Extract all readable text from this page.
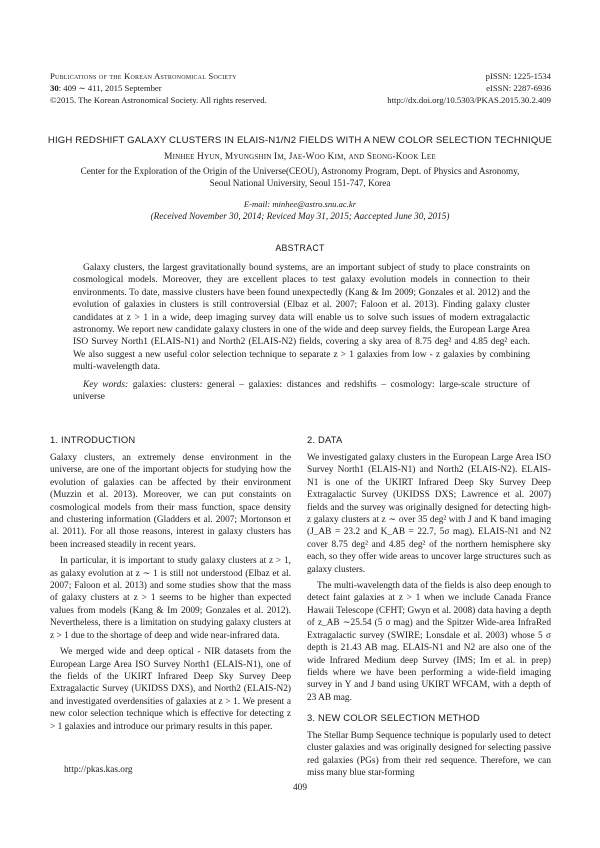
Publications of the Korean Astronomical Society
30: 409 ∼ 411, 2015 September
©2015. The Korean Astronomical Society. All rights reserved.
pISSN: 1225-1534
eISSN: 2287-6936
http://dx.doi.org/10.5303/PKAS.2015.30.2.409
HIGH REDSHIFT GALAXY CLUSTERS IN ELAIS-N1/N2 FIELDS WITH A NEW COLOR SELECTION TECHNIQUE
Minhee Hyun, Myungshin Im, Jae-Woo Kim, and Seong-Kook Lee
Center for the Exploration of the Origin of the Universe(CEOU), Astronomy Program, Dept. of Physics and Asronomy,
Seoul National University, Seoul 151-747, Korea
E-mail: minhee@astro.snu.ac.kr
(Received November 30, 2014; Reviced May 31, 2015; Aaccepted June 30, 2015)
ABSTRACT

Galaxy clusters, the largest gravitationally bound systems, are an important subject of study to place constraints on cosmological models. Moreover, they are excellent places to test galaxy evolution models in connection to their environments. To date, massive clusters have been found unexpectedly (Kang & Im 2009; Gonzales et al. 2012) and the evolution of galaxies in clusters is still controversial (Elbaz et al. 2007; Faloon et al. 2013). Finding galaxy cluster candidates at z > 1 in a wide, deep imaging survey data will enable us to solve such issues of modern extragalactic astronomy. We report new candidate galaxy clusters in one of the wide and deep survey fields, the European Large Area ISO Survey North1 (ELAIS-N1) and North2 (ELAIS-N2) fields, covering a sky area of 8.75 deg² and 4.85 deg² each. We also suggest a new useful color selection technique to separate z > 1 galaxies from low - z galaxies by combining multi-wavelength data.

Key words: galaxies: clusters: general – galaxies: distances and redshifts – cosmology: large-scale structure of universe

1. INTRODUCTION

Galaxy clusters, an extremely dense environment in the universe, are one of the important objects for studying how the evolution of galaxies can be affected by their environment (Muzzin et al. 2013). Moreover, we can put constaints on cosmological models from their mass function, space density and clustering information (Gladders et al. 2007; Mortonson et al. 2011). For all those reasons, interest in galaxy clusters has been increased steadily in recent years.

In particular, it is important to study galaxy clusters at z > 1, as galaxy evolution at z ∼ 1 is still not understood (Elbaz et al. 2007; Faloon et al. 2013) and some studies show that the mass of galaxy clusters at z > 1 seems to be higher than expected values from models (Kang & Im 2009; Gonzales et al. 2012). Nevertheless, there is a limitation on studying galaxy clusters at z > 1 due to the shortage of deep and wide near-infrared data.

We merged wide and deep optical - NIR datasets from the European Large Area ISO Survey North1 (ELAIS-N1), one of the fields of the UKIRT Infrared Deep Sky Survey Deep Extragalactic Survey (UKIDSS DXS), and North2 (ELAIS-N2) and investigated overdensities of galaxies at z > 1. We present a new color selection technique which is effective for detecting z > 1 galaxies and introduce our primary results in this paper.

2. DATA

We investigated galaxy clusters in the European Large Area ISO Survey North1 (ELAIS-N1) and North2 (ELAIS-N2). ELAIS-N1 is one of the UKIRT Infrared Deep Sky Survey Deep Extragalactic Survey (UKIDSS DXS; Lawrence et al. 2007) fields and the survey was originally designed for detecting high-z galaxy clusters at z ∼ over 35 deg² with J and K band imaging (J_AB = 23.2 and K_AB = 22.7, 5σ mag). ELAIS-N1 and N2 cover 8.75 deg² and 4.85 deg² of the northern hemisphere sky each, so they offer wide areas to uncover large structures such as galaxy clusters.

The multi-wavelength data of the fields is also deep enough to detect faint galaxies at z > 1 when we include Canada France Hawaii Telescope (CFHT; Gwyn et al. 2008) data having a depth of z_AB ∼25.54 (5 σ mag) and the Spitzer Wide-area InfraRed Extragalactic survey (SWIRE; Lonsdale et al. 2003) whose 5 σ depth is 21.43 AB mag. ELAIS-N1 and N2 are also one of the wide Infrared Medium deep Survey (IMS; Im et al. in prep) fields where we have been performing a wide-field imaging survey in Y and J band using UKIRT WFCAM, with a depth of 23 AB mag.

3. NEW COLOR SELECTION METHOD

The Stellar Bump Sequence technique is popularly used to detect cluster galaxies and was originally designed for selecting passive red galaxies (PGs) from their red sequence. Therefore, we can miss many blue star-forming

http://pkas.kas.org
409
